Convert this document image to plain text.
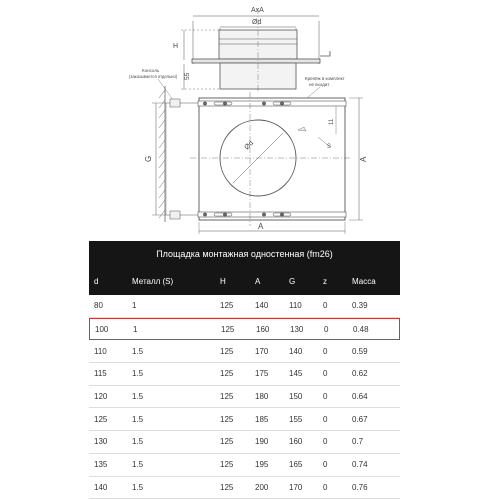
AxA
Ød
H
55
Консоль
(заказывается отдельно)	Крепёж в комплект
не входит
Ød
11
G	A
A
S
Площадка монтажная одностенная (fm26)
d	Металл (S)	H	A	G	z	Масса
80	1	125	140	110	0	0.39
100	1	125	160	130	0	0.48
110	1.5	125	170	140	0	0.59
115	1.5	125	175	145	0	0.62
120	1.5	125	180	150	0	0.64
125	1.5	125	185	155	0	0.67
130	1.5	125	190	160	0	0.7
135	1.5	125	195	165	0	0.74
140	1.5	125	200	170	0	0.76
